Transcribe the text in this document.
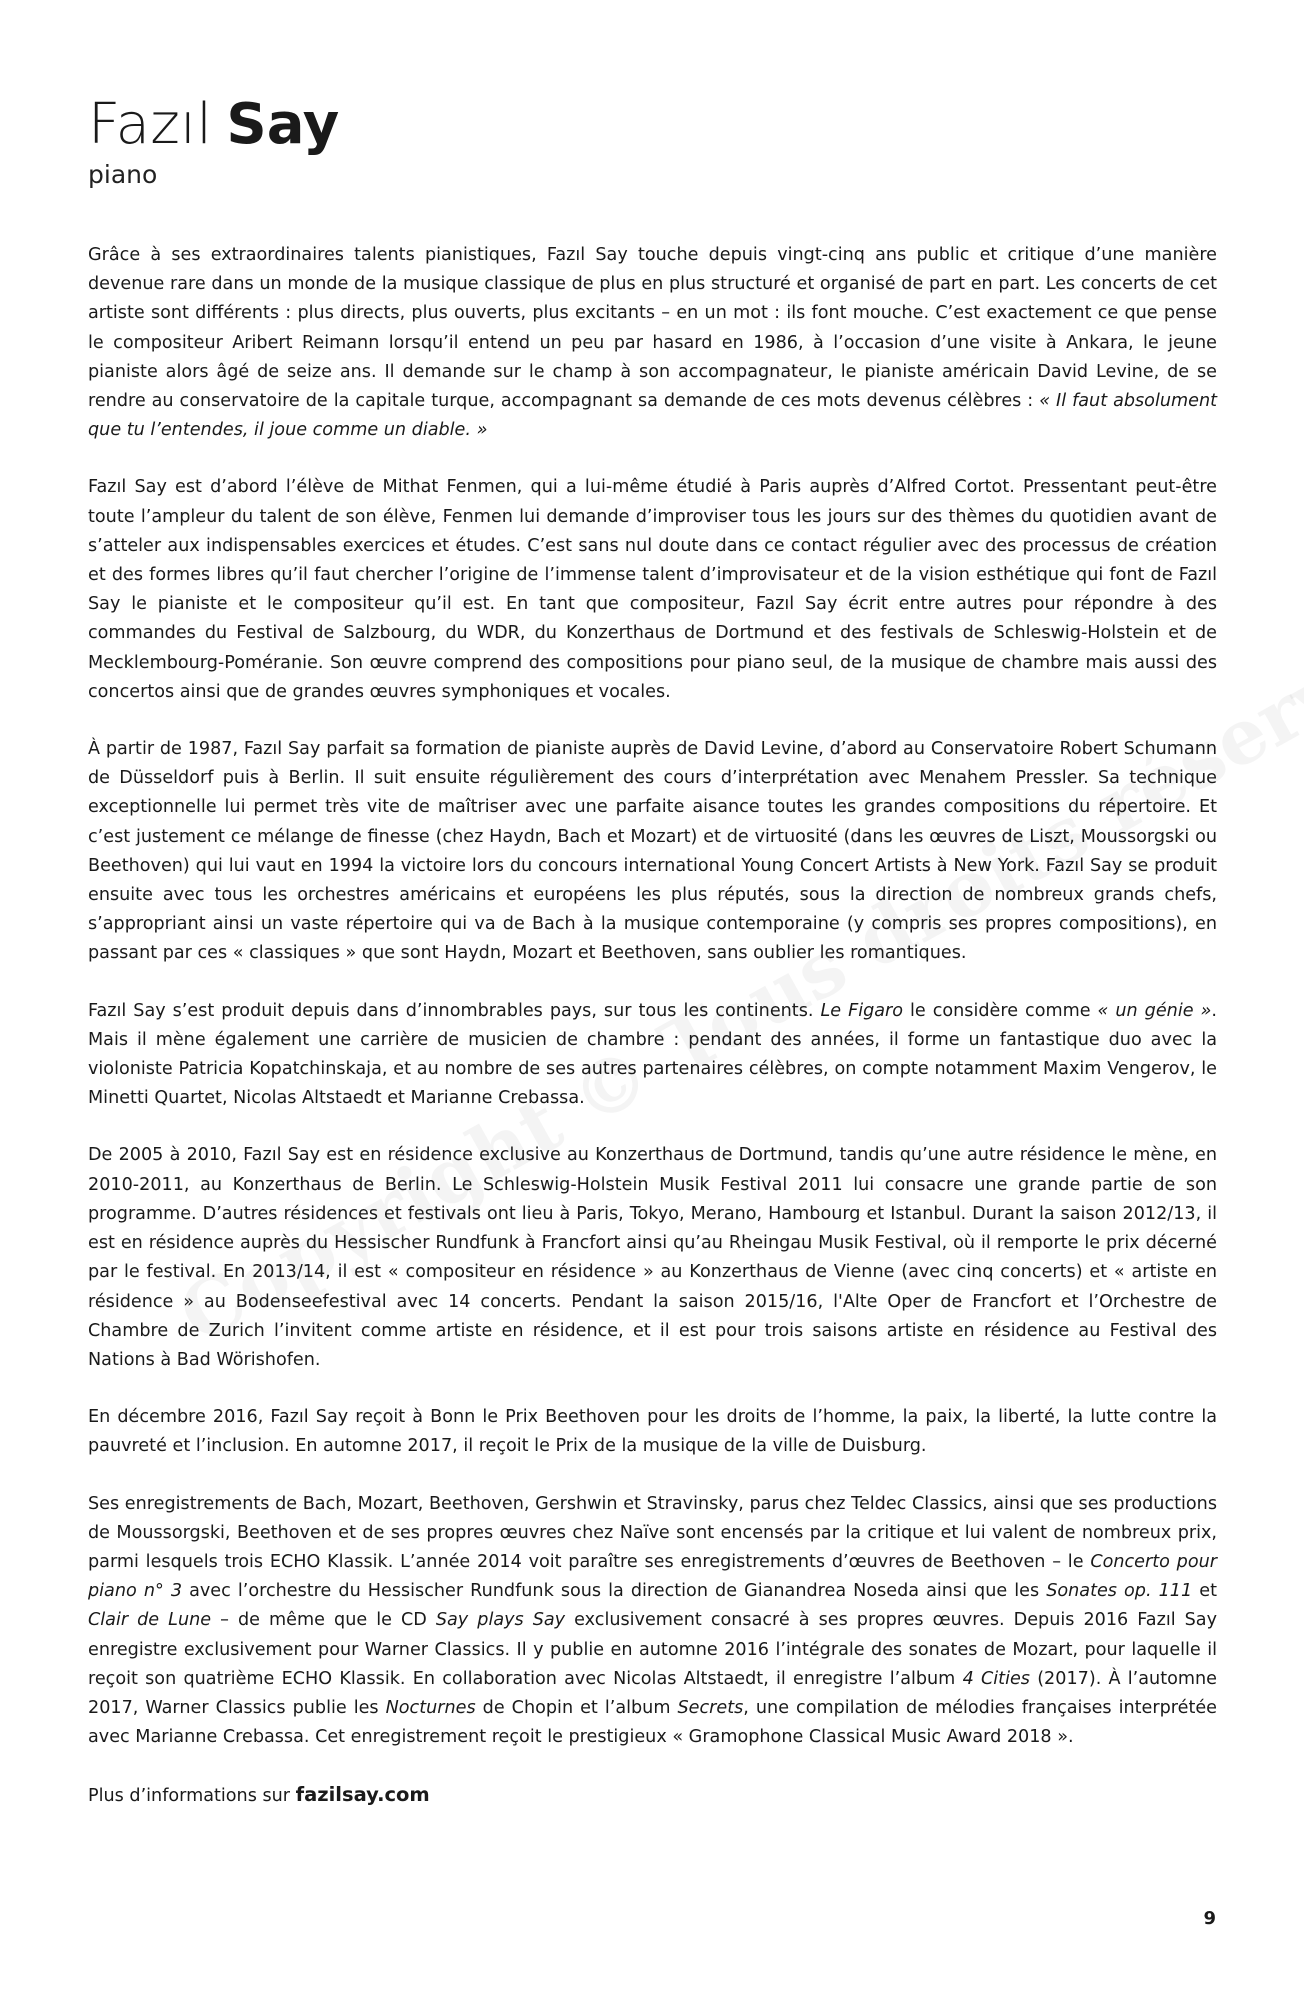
Fazıl Say

piano

Grâce à ses extraordinaires talents pianistiques, Fazıl Say touche depuis vingt-cinq ans public et critique d’une manière devenue rare dans un monde de la musique classique de plus en plus structuré et organisé de part en part. Les concerts de cet artiste sont différents : plus directs, plus ouverts, plus excitants – en un mot : ils font mouche. C’est exactement ce que pense le compositeur Aribert Reimann lorsqu’il entend un peu par hasard en 1986, à l’occasion d’une visite à Ankara, le jeune pianiste alors âgé de seize ans. Il demande sur le champ à son accompagnateur, le pianiste américain David Levine, de se rendre au conservatoire de la capitale turque, accompagnant sa demande de ces mots devenus célèbres : « Il faut absolument que tu l’entendes, il joue comme un diable. »

Fazıl Say est d’abord l’élève de Mithat Fenmen, qui a lui-même étudié à Paris auprès d’Alfred Cortot. Pressentant peut-être toute l’ampleur du talent de son élève, Fenmen lui demande d’improviser tous les jours sur des thèmes du quotidien avant de s’atteler aux indispensables exercices et études. C’est sans nul doute dans ce contact régulier avec des processus de création et des formes libres qu’il faut chercher l’origine de l’immense talent d’improvisateur et de la vision esthétique qui font de Fazıl Say le pianiste et le compositeur qu’il est. En tant que compositeur, Fazıl Say écrit entre autres pour répondre à des commandes du Festival de Salzbourg, du WDR, du Konzerthaus de Dortmund et des festivals de Schleswig-Holstein et de Mecklembourg-Poméranie. Son œuvre comprend des compositions pour piano seul, de la musique de chambre mais aussi des concertos ainsi que de grandes œuvres symphoniques et vocales.

À partir de 1987, Fazıl Say parfait sa formation de pianiste auprès de David Levine, d’abord au Conservatoire Robert Schumann de Düsseldorf puis à Berlin. Il suit ensuite régulièrement des cours d’interprétation avec Menahem Pressler. Sa technique exceptionnelle lui permet très vite de maîtriser avec une parfaite aisance toutes les grandes compositions du répertoire. Et c’est justement ce mélange de finesse (chez Haydn, Bach et Mozart) et de virtuosité (dans les œuvres de Liszt, Moussorgski ou Beethoven) qui lui vaut en 1994 la victoire lors du concours international Young Concert Artists à New York. Fazıl Say se produit ensuite avec tous les orchestres américains et européens les plus réputés, sous la direction de nombreux grands chefs, s’appropriant ainsi un vaste répertoire qui va de Bach à la musique contemporaine (y compris ses propres compositions), en passant par ces « classiques » que sont Haydn, Mozart et Beethoven, sans oublier les romantiques.

Fazıl Say s’est produit depuis dans d’innombrables pays, sur tous les continents. Le Figaro le considère comme « un génie ». Mais il mène également une carrière de musicien de chambre : pendant des années, il forme un fantastique duo avec la violoniste Patricia Kopatchinskaja, et au nombre de ses autres partenaires célèbres, on compte notamment Maxim Vengerov, le Minetti Quartet, Nicolas Altstaedt et Marianne Crebassa.

De 2005 à 2010, Fazıl Say est en résidence exclusive au Konzerthaus de Dortmund, tandis qu’une autre résidence le mène, en 2010-2011, au Konzerthaus de Berlin. Le Schleswig-Holstein Musik Festival 2011 lui consacre une grande partie de son programme. D’autres résidences et festivals ont lieu à Paris, Tokyo, Merano, Hambourg et Istanbul. Durant la saison 2012/13, il est en résidence auprès du Hessischer Rundfunk à Francfort ainsi qu’au Rheingau Musik Festival, où il remporte le prix décerné par le festival. En 2013/14, il est « compositeur en résidence » au Konzerthaus de Vienne (avec cinq concerts) et « artiste en résidence » au Bodenseefestival avec 14 concerts. Pendant la saison 2015/16, l'Alte Oper de Francfort et l’Orchestre de Chambre de Zurich l’invitent comme artiste en résidence, et il est pour trois saisons artiste en résidence au Festival des Nations à Bad Wörishofen.

En décembre 2016, Fazıl Say reçoit à Bonn le Prix Beethoven pour les droits de l’homme, la paix, la liberté, la lutte contre la pauvreté et l’inclusion. En automne 2017, il reçoit le Prix de la musique de la ville de Duisburg.

Ses enregistrements de Bach, Mozart, Beethoven, Gershwin et Stravinsky, parus chez Teldec Classics, ainsi que ses productions de Moussorgski, Beethoven et de ses propres œuvres chez Naïve sont encensés par la critique et lui valent de nombreux prix, parmi lesquels trois ECHO Klassik. L’année 2014 voit paraître ses enregistrements d’œuvres de Beethoven – le Concerto pour piano n° 3 avec l’orchestre du Hessischer Rundfunk sous la direction de Gianandrea Noseda ainsi que les Sonates op. 111 et Clair de Lune – de même que le CD Say plays Say exclusivement consacré à ses propres œuvres. Depuis 2016 Fazıl Say enregistre exclusivement pour Warner Classics. Il y publie en automne 2016 l’intégrale des sonates de Mozart, pour laquelle il reçoit son quatrième ECHO Klassik. En collaboration avec Nicolas Altstaedt, il enregistre l’album 4 Cities (2017). À l’automne 2017, Warner Classics publie les Nocturnes de Chopin et l’album Secrets, une compilation de mélodies françaises interprétée avec Marianne Crebassa. Cet enregistrement reçoit le prestigieux « Gramophone Classical Music Award 2018 ».

Plus d’informations sur fazilsay.com

9
